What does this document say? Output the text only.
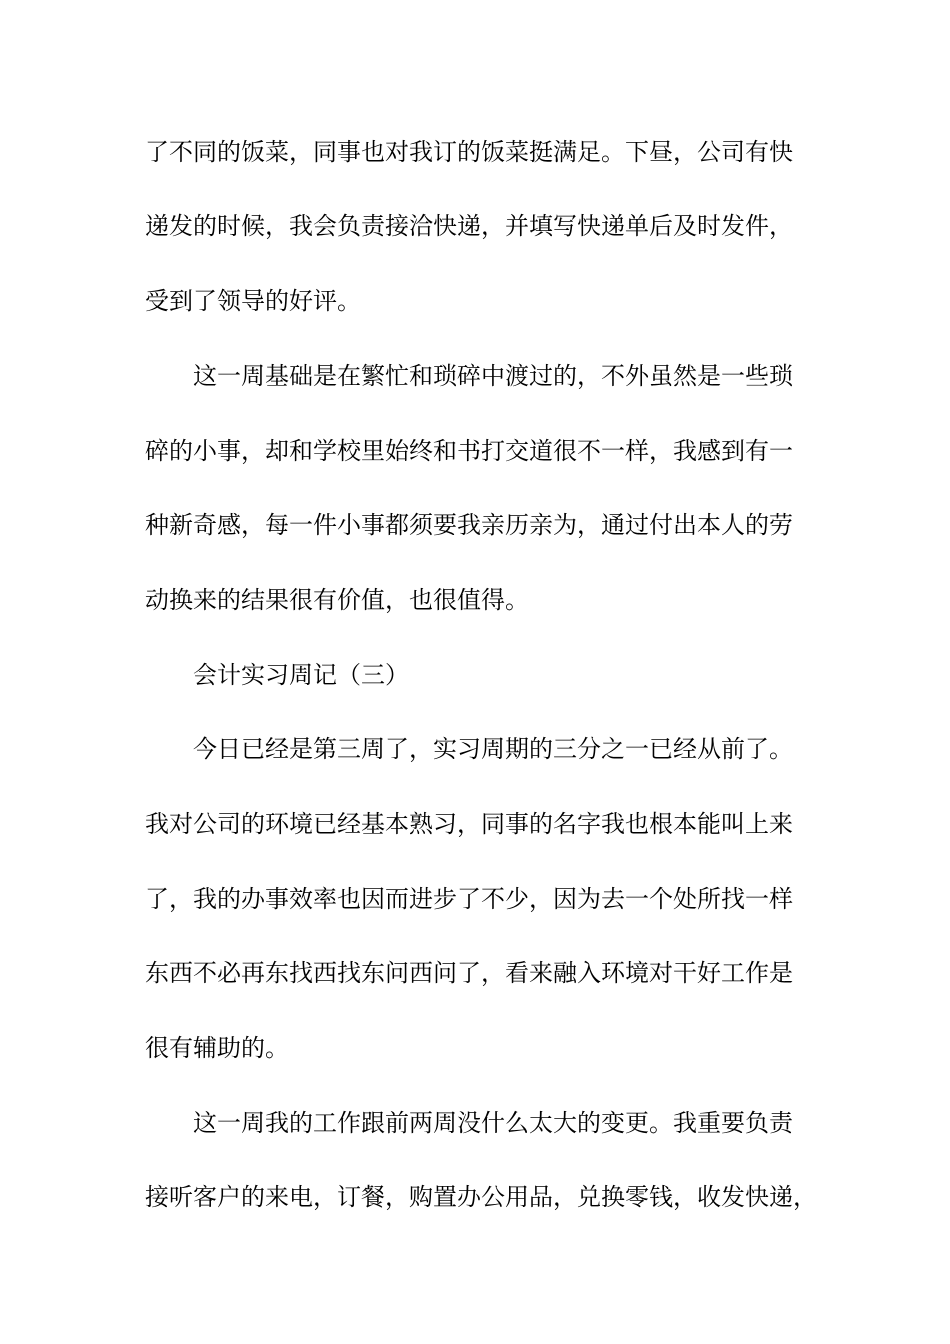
了不同的饭菜，同事也对我订的饭菜挺满足。下昼，公司有快
递发的时候，我会负责接洽快递，并填写快递单后及时发件，
受到了领导的好评。
这一周基础是在繁忙和琐碎中渡过的，不外虽然是一些琐
碎的小事，却和学校里始终和书打交道很不一样，我感到有一
种新奇感，每一件小事都须要我亲历亲为，通过付出本人的劳
动换来的结果很有价值，也很值得。
会计实习周记（三）
今日已经是第三周了，实习周期的三分之一已经从前了。
我对公司的环境已经基本熟习，同事的名字我也根本能叫上来
了，我的办事效率也因而进步了不少，因为去一个处所找一样
东西不必再东找西找东问西问了，看来融入环境对干好工作是
很有辅助的。
这一周我的工作跟前两周没什么太大的变更。我重要负责
接听客户的来电，订餐，购置办公用品，兑换零钱，收发快递，
